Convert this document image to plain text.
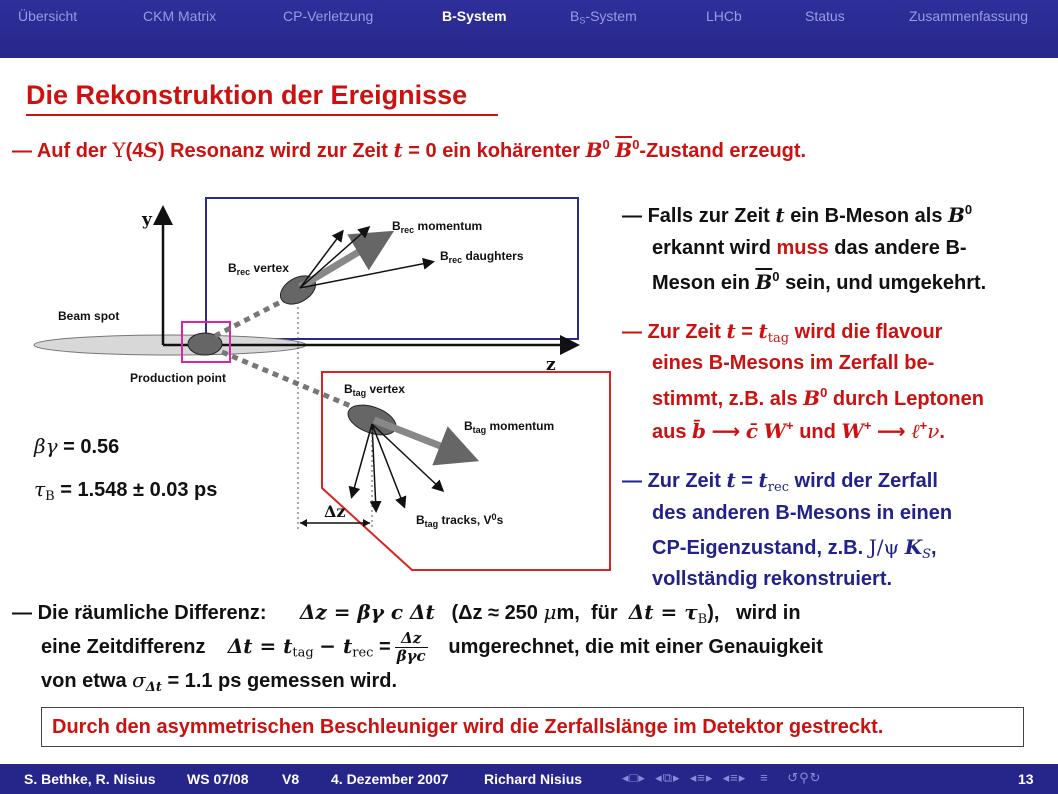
Übersicht	CKM Matrix	CP-Verletzung	B-System	$B_S$-System	LHCb	Status	Zusammenfassung
Die Rekonstruktion der Ereignisse
— Auf der Υ(4S) Resonanz wird zur Zeit t = 0 ein kohärenter $B^0$ $\overline{B}^0$-Zustand erzeugt.
y
z
Beam spot
Production point
$B_{rec}$ vertex
$B_{rec}$ momentum
$B_{rec}$ daughters
$B_{tag}$ vertex
$B_{tag}$ momentum
$B_{tag}$ tracks, $V^0s$
Δz
βγ = 0.56
$\tau_B = 1.548 \pm 0.03$ ps
— Falls zur Zeit t ein B-Meson als $B^0$
erkannt wird muss das andere B-
Meson ein $\overline{B}^0$ sein, und umgekehrt.
— Zur Zeit $t = t_{tag}$ wird die flavour
eines B-Mesons im Zerfall be-
stimmt, z.B. als $B^0$ durch Leptonen
aus b̄ ⟶ c̄ W+ und W+ ⟶ ℓ+ν.
— Zur Zeit $t = t_{rec}$ wird der Zerfall
des anderen B-Mesons in einen
CP-Eigenzustand, z.B. J/ψ $K_S$,
vollständig rekonstruiert.
— Die räumliche Differenz: Δz = βγ c Δt (Δz ≈ 250 μm, für $\Delta t = \tau_B$), wird in
eine Zeitdifferenz $\Delta t = t_{tag} - t_{rec} = \frac{\Delta z}{\text{βγc}}$ umgerechnet, die mit einer Genauigkeit
von etwa $\sigma_{\Delta t} = 1.1$ ps gemessen wird.
Durch den asymmetrischen Beschleuniger wird die Zerfallslänge im Detektor gestreckt.
S. Bethke, R. Nisius WS 07/08 V8 4. Dezember 2007	Richard Nisius	◂□▸ ◂⧉▸ ◂≡▸ ◂≡▸ ≡ ↺⚲↻	13
